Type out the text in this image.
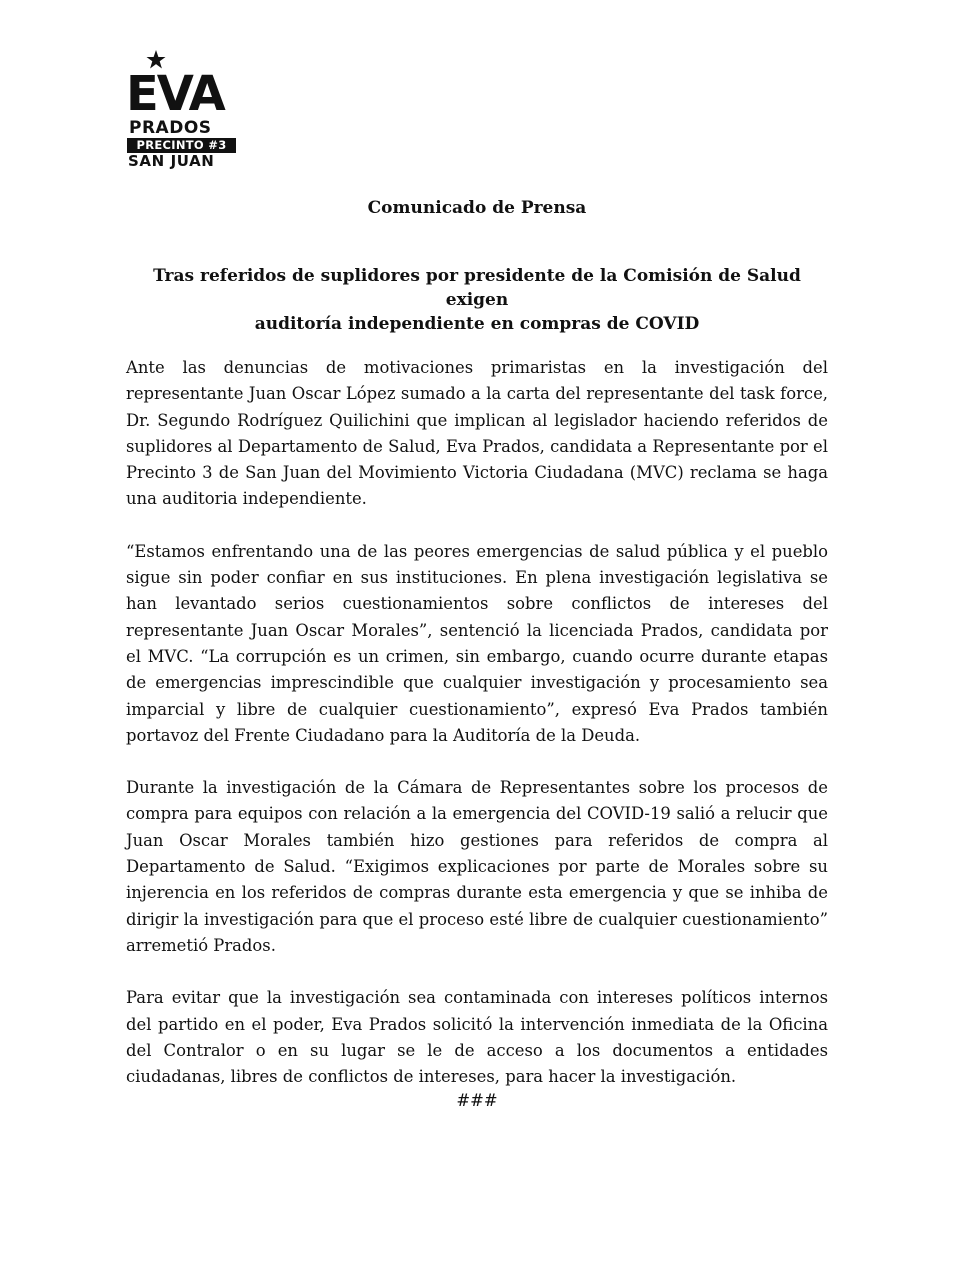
EVA
PRADOS
PRECINTO #3
SAN JUAN
Comunicado de Prensa
Tras referidos de suplidores por presidente de la Comisión de Salud exigen
auditoría independiente en compras de COVID

Ante las denuncias de motivaciones primaristas en la investigación del representante Juan Oscar López sumado a la carta del representante del task force, Dr. Segundo Rodríguez Quilichini que implican al legislador haciendo referidos de suplidores al Departamento de Salud, Eva Prados, candidata a Representante por el Precinto 3 de San Juan del Movimiento Victoria Ciudadana (MVC) reclama se haga una auditoria independiente.

“Estamos enfrentando una de las peores emergencias de salud pública y el pueblo sigue sin poder confiar en sus instituciones. En plena investigación legislativa se han levantado serios cuestionamientos sobre conflictos de intereses del representante Juan Oscar Morales”, sentenció la licenciada Prados, candidata por el MVC. “La corrupción es un crimen, sin embargo, cuando ocurre durante etapas de emergencias imprescindible que cualquier investigación y procesamiento sea imparcial y libre de cualquier cuestionamiento”, expresó Eva Prados también portavoz del Frente Ciudadano para la Auditoría de la Deuda.

Durante la investigación de la Cámara de Representantes sobre los procesos de compra para equipos con relación a la emergencia del COVID-19 salió a relucir que Juan Oscar Morales también hizo gestiones para referidos de compra al Departamento de Salud. “Exigimos explicaciones por parte de Morales sobre su injerencia en los referidos de compras durante esta emergencia y que se inhiba de dirigir la investigación para que el proceso esté libre de cualquier cuestionamiento” arremetió Prados.

Para evitar que la investigación sea contaminada con intereses políticos internos del partido en el poder, Eva Prados solicitó la intervención inmediata de la Oficina del Contralor o en su lugar se le de acceso a los documentos a entidades ciudadanas, libres de conflictos de intereses, para hacer la investigación.

###
